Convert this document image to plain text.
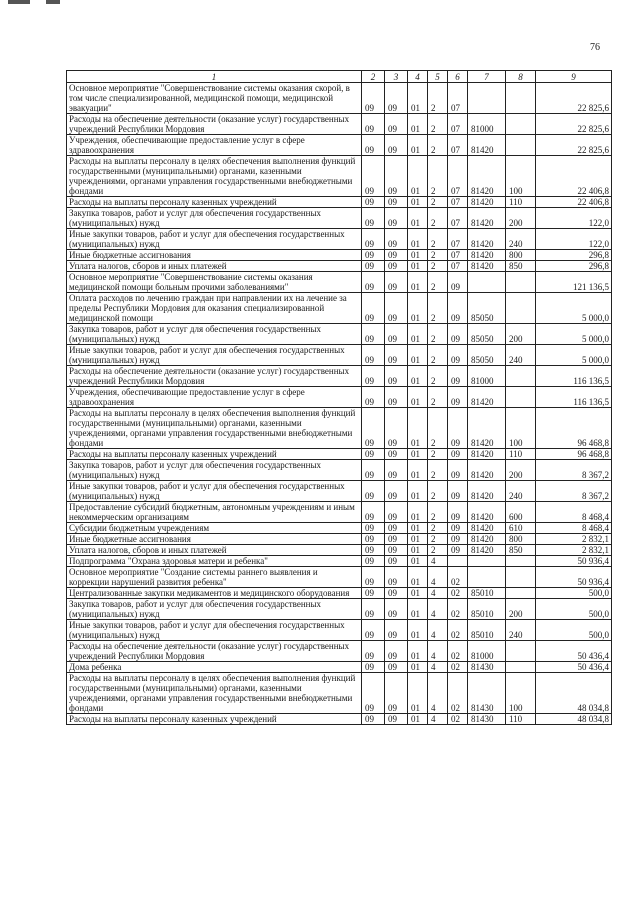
76
1	2	3	4	5	6	7	8	9
Основное мероприятие "Совершенствование системы оказания скорой, в том числе специализированной, медицинской помощи, медицинской эвакуации"	09	09	01	2	07			22 825,6
Расходы на обеспечение деятельности (оказание услуг) государственных учреждений Республики Мордовия	09	09	01	2	07	81000		22 825,6
Учреждения, обеспечивающие предоставление услуг в сфере здравоохранения	09	09	01	2	07	81420		22 825,6
Расходы на выплаты персоналу в целях обеспечения выполнения функций государственными (муниципальными) органами, казенными учреждениями, органами управления государственными внебюджетными фондами	09	09	01	2	07	81420	100	22 406,8
Расходы на выплаты персоналу казенных учреждений	09	09	01	2	07	81420	110	22 406,8
Закупка товаров, работ и услуг для обеспечения государственных (муниципальных) нужд	09	09	01	2	07	81420	200	122,0
Иные закупки товаров, работ и услуг для обеспечения государственных (муниципальных) нужд	09	09	01	2	07	81420	240	122,0
Иные бюджетные ассигнования	09	09	01	2	07	81420	800	296,8
Уплата налогов, сборов и иных платежей	09	09	01	2	07	81420	850	296,8
Основное мероприятие "Совершенствование системы оказания медицинской помощи больным прочими заболеваниями"	09	09	01	2	09			121 136,5
Оплата расходов по лечению граждан при направлении их на лечение за пределы Республики Мордовия для оказания специализированной медицинской помощи	09	09	01	2	09	85050		5 000,0
Закупка товаров, работ и услуг для обеспечения государственных (муниципальных) нужд	09	09	01	2	09	85050	200	5 000,0
Иные закупки товаров, работ и услуг для обеспечения государственных (муниципальных) нужд	09	09	01	2	09	85050	240	5 000,0
Расходы на обеспечение деятельности (оказание услуг) государственных учреждений Республики Мордовия	09	09	01	2	09	81000		116 136,5
Учреждения, обеспечивающие предоставление услуг в сфере здравоохранения	09	09	01	2	09	81420		116 136,5
Расходы на выплаты персоналу в целях обеспечения выполнения функций государственными (муниципальными) органами, казенными учреждениями, органами управления государственными внебюджетными фондами	09	09	01	2	09	81420	100	96 468,8
Расходы на выплаты персоналу казенных учреждений	09	09	01	2	09	81420	110	96 468,8
Закупка товаров, работ и услуг для обеспечения государственных (муниципальных) нужд	09	09	01	2	09	81420	200	8 367,2
Иные закупки товаров, работ и услуг для обеспечения государственных (муниципальных) нужд	09	09	01	2	09	81420	240	8 367,2
Предоставление субсидий бюджетным, автономным учреждениям и иным некоммерческим организациям	09	09	01	2	09	81420	600	8 468,4
Субсидии бюджетным учреждениям	09	09	01	2	09	81420	610	8 468,4
Иные бюджетные ассигнования	09	09	01	2	09	81420	800	2 832,1
Уплата налогов, сборов и иных платежей	09	09	01	2	09	81420	850	2 832,1
Подпрограмма "Охрана здоровья матери и ребенка"	09	09	01	4				50 936,4
Основное мероприятие "Создание системы раннего выявления и коррекции нарушений развития ребенка"	09	09	01	4	02			50 936,4
Централизованные закупки медикаментов и медицинского оборудования	09	09	01	4	02	85010		500,0
Закупка товаров, работ и услуг для обеспечения государственных (муниципальных) нужд	09	09	01	4	02	85010	200	500,0
Иные закупки товаров, работ и услуг для обеспечения государственных (муниципальных) нужд	09	09	01	4	02	85010	240	500,0
Расходы на обеспечение деятельности (оказание услуг) государственных учреждений Республики Мордовия	09	09	01	4	02	81000		50 436,4
Дома ребенка	09	09	01	4	02	81430		50 436,4
Расходы на выплаты персоналу в целях обеспечения выполнения функций государственными (муниципальными) органами, казенными учреждениями, органами управления государственными внебюджетными фондами	09	09	01	4	02	81430	100	48 034,8
Расходы на выплаты персоналу казенных учреждений	09	09	01	4	02	81430	110	48 034,8
